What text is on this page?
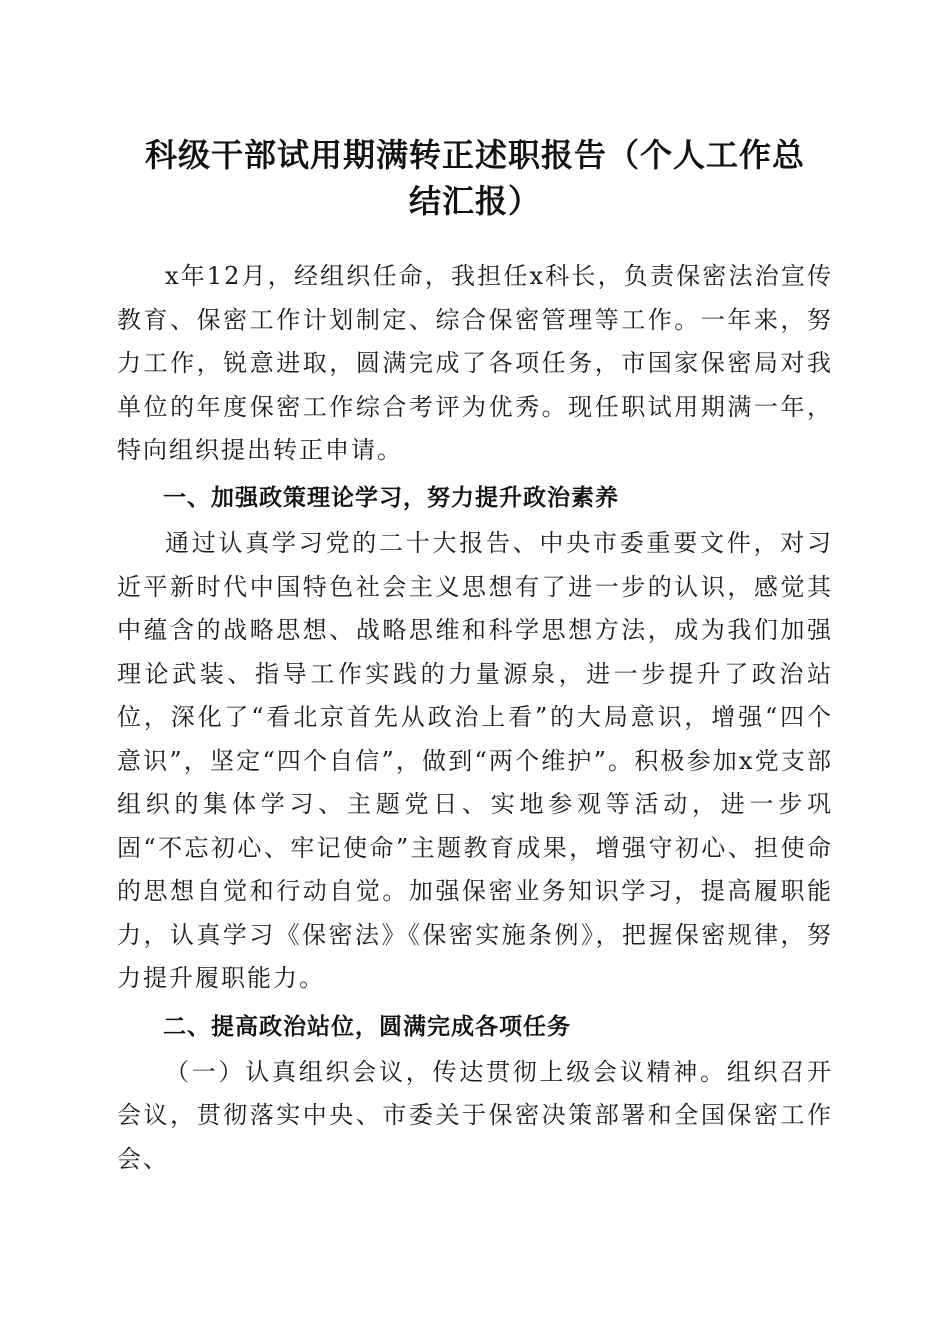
科级干部试用期满转正述职报告（个人工作总
结汇报）

x年12月，经组织任命，我担任x科长，负责保密法治宣传教育、保密工作计划制定、综合保密管理等工作。一年来，努力工作，锐意进取，圆满完成了各项任务，市国家保密局对我单位的年度保密工作综合考评为优秀。现任职试用期满一年，特向组织提出转正申请。

一、加强政策理论学习，努力提升政治素养

通过认真学习党的二十大报告、中央市委重要文件，对习近平新时代中国特色社会主义思想有了进一步的认识，感觉其中蕴含的战略思想、战略思维和科学思想方法，成为我们加强理论武装、指导工作实践的力量源泉，进一步提升了政治站位，深化了“看北京首先从政治上看”的大局意识，增强“四个意识”，坚定“四个自信”，做到“两个维护”。积极参加x党支部组织的集体学习、主题党日、实地参观等活动，进一步巩固“不忘初心、牢记使命”主题教育成果，增强守初心、担使命的思想自觉和行动自觉。加强保密业务知识学习，提高履职能力，认真学习《保密法》《保密实施条例》，把握保密规律，努力提升履职能力。

二、提高政治站位，圆满完成各项任务

（一）认真组织会议，传达贯彻上级会议精神。组织召开会议，贯彻落实中央、市委关于保密决策部署和全国保密工作会、
